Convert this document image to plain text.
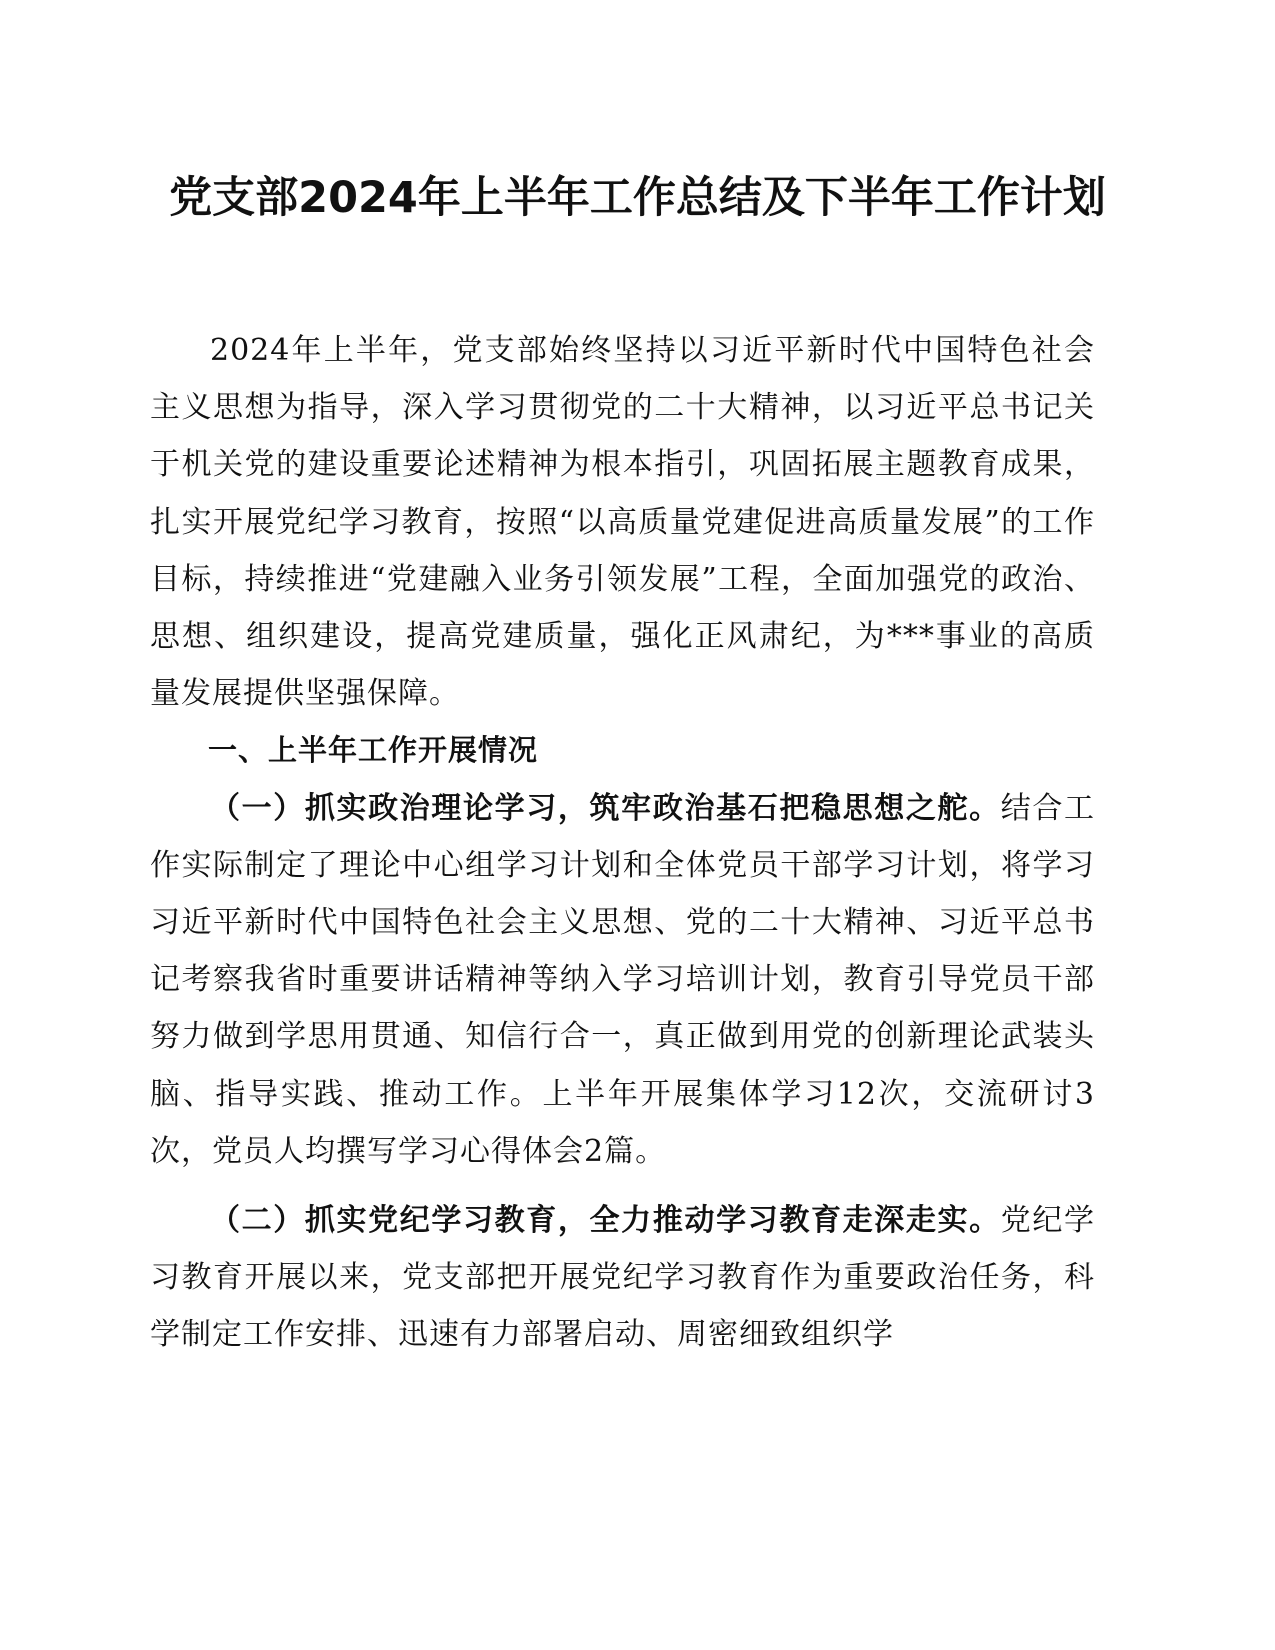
党支部2024年上半年工作总结及下半年工作计划

2024年上半年，党支部始终坚持以习近平新时代中国特色社会主义思想为指导，深入学习贯彻党的二十大精神，以习近平总书记关于机关党的建设重要论述精神为根本指引，巩固拓展主题教育成果，扎实开展党纪学习教育，按照“以高质量党建促进高质量发展”的工作目标，持续推进“党建融入业务引领发展”工程，全面加强党的政治、思想、组织建设，提高党建质量，强化正风肃纪，为***事业的高质量发展提供坚强保障。

一、上半年工作开展情况

（一）抓实政治理论学习，筑牢政治基石把稳思想之舵。结合工作实际制定了理论中心组学习计划和全体党员干部学习计划，将学习习近平新时代中国特色社会主义思想、党的二十大精神、习近平总书记考察我省时重要讲话精神等纳入学习培训计划，教育引导党员干部努力做到学思用贯通、知信行合一，真正做到用党的创新理论武装头脑、指导实践、推动工作。上半年开展集体学习12次，交流研讨3次，党员人均撰写学习心得体会2篇。

（二）抓实党纪学习教育，全力推动学习教育走深走实。党纪学习教育开展以来，党支部把开展党纪学习教育作为重要政治任务，科学制定工作安排、迅速有力部署启动、周密细致组织学
